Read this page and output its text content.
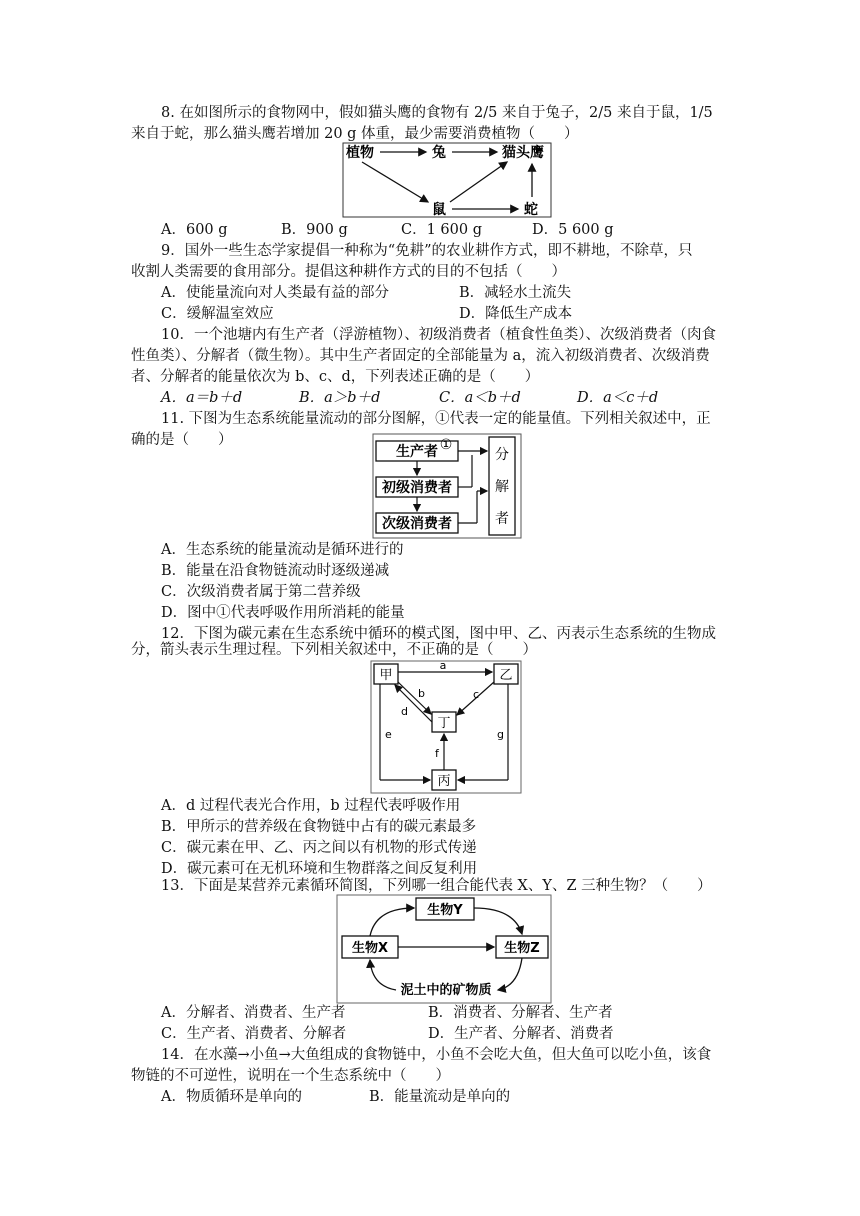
8. 在如图所示的食物网中，假如猫头鹰的食物有 2/5 来自于兔子，2/5 来自于鼠，1/5
来自于蛇，那么猫头鹰若增加 20 g 体重，最少需要消费植物（　　）
植物	兔	猫头鹰
鼠	蛇
A．600 g	B．900 g	C．1 600 g	D．5 600 g
9．国外一些生态学家提倡一种称为“免耕”的农业耕作方式，即不耕地，不除草，只
收割人类需要的食用部分。提倡这种耕作方式的目的不包括（　　）
A．使能量流向对人类最有益的部分	B．减轻水土流失
C．缓解温室效应	D．降低生产成本
10．一个池塘内有生产者（浮游植物）、初级消费者（植食性鱼类）、次级消费者（肉食
性鱼类）、分解者（微生物）。其中生产者固定的全部能量为 a，流入初级消费者、次级消费
者、分解者的能量依次为 b、c、d，下列表述正确的是（　　）
A．a＝b＋d	B．a＞b＋d	C．a＜b＋d	D．a＜c＋d
11. 下图为生态系统能量流动的部分图解，①代表一定的能量值。下列相关叙述中，正
确的是（　　）
生产者
初级消费者
次级消费者
①
分
解
者
A．生态系统的能量流动是循环进行的
B．能量在沿食物链流动时逐级递减
C．次级消费者属于第二营养级
D．图中①代表呼吸作用所消耗的能量
12．下图为碳元素在生态系统中循环的模式图，图中甲、乙、丙表示生态系统的生物成
分，箭头表示生理过程。下列相关叙述中，不正确的是（　　）
甲	乙
丁
丙
a
c
b
d
e
f
g
A．d 过程代表光合作用，b 过程代表呼吸作用
B．甲所示的营养级在食物链中占有的碳元素最多
C．碳元素在甲、乙、丙之间以有机物的形式传递
D．碳元素可在无机环境和生物群落之间反复利用
13．下面是某营养元素循环简图，下列哪一组合能代表 X、Y、Z 三种生物？（　　）
生物Y
生物X	生物Z
泥土中的矿物质
A．分解者、消费者、生产者	B．消费者、分解者、生产者
C．生产者、消费者、分解者	D．生产者、分解者、消费者
14．在水藻→小鱼→大鱼组成的食物链中，小鱼不会吃大鱼，但大鱼可以吃小鱼，该食
物链的不可逆性，说明在一个生态系统中（　　）
A．物质循环是单向的	B．能量流动是单向的
